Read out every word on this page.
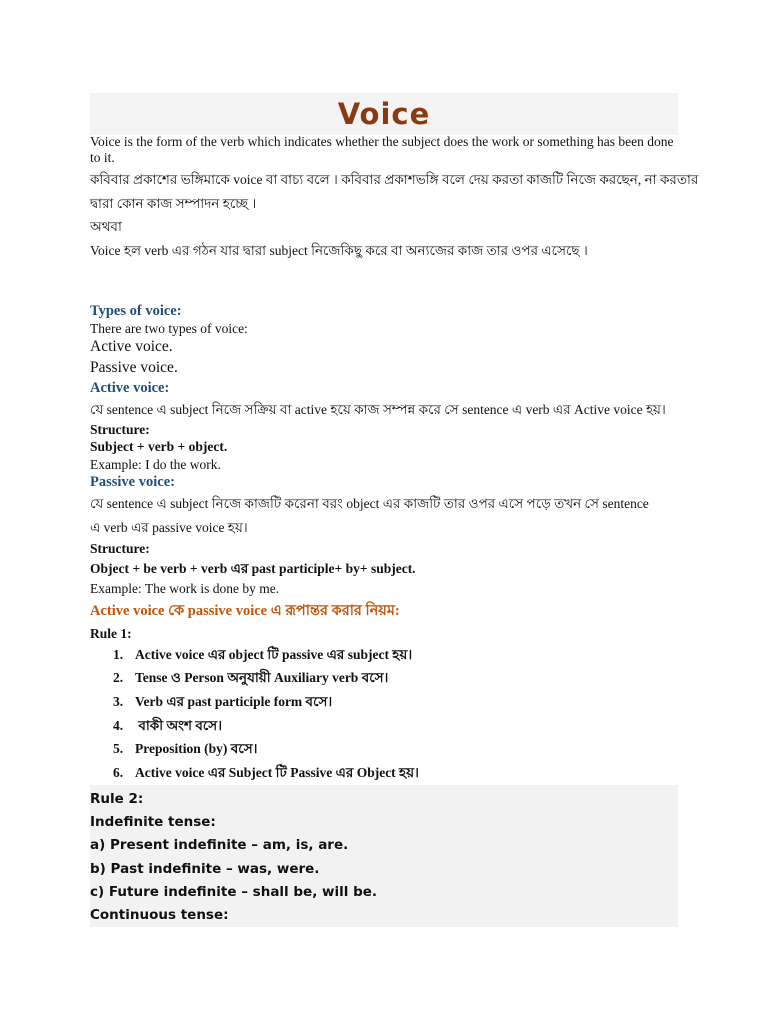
Voice
Voice is the form of the verb which indicates whether the subject does the work or something has been done to it.
কবিবার প্রকাশের ভঙ্গিমাকে voice বা বাচ্য বলে । কবিবার প্রকাশভঙ্গি বলে দেয় করতা কাজটি নিজে করছেন, না করতার
দ্বারা কোন কাজ সম্পাদন হচ্ছে ।
অথবা
Voice হল verb এর গঠন যার দ্বারা subject নিজেকিছু করে বা অন্যজের কাজ তার ওপর এসেছে ।
Types of voice:
There are two types of voice:
Active voice.
Passive voice.
Active voice:
যে sentence এ subject নিজে সক্রিয় বা active হয়ে কাজ সম্পন্ন করে সে sentence এ verb এর Active voice হয়।
Structure:
Subject + verb + object.
Example: I do the work.
Passive voice:
যে sentence এ subject নিজে কাজটি করেনা বরং object এর কাজটি তার ওপর এসে পড়ে তখন সে sentence
এ verb এর passive voice হয়।
Structure:
Object + be verb + verb এর past participle+ by+ subject.
Example: The work is done by me.
Active voice কে passive voice এ রূপান্তর করার নিয়ম:
Rule 1:
1. Active voice এর object টি passive এর subject হয়।
2. Tense ও Person অনুযায়ী Auxiliary verb বসে।
3. Verb এর past participle form বসে।
4. বাকী অংশ বসে।
5. Preposition (by) বসে।
6. Active voice এর Subject টি Passive এর Object হয়।
Rule 2:
Indefinite tense:
a) Present indefinite – am, is, are.
b) Past indefinite – was, were.
c) Future indefinite – shall be, will be.
Continuous tense:
